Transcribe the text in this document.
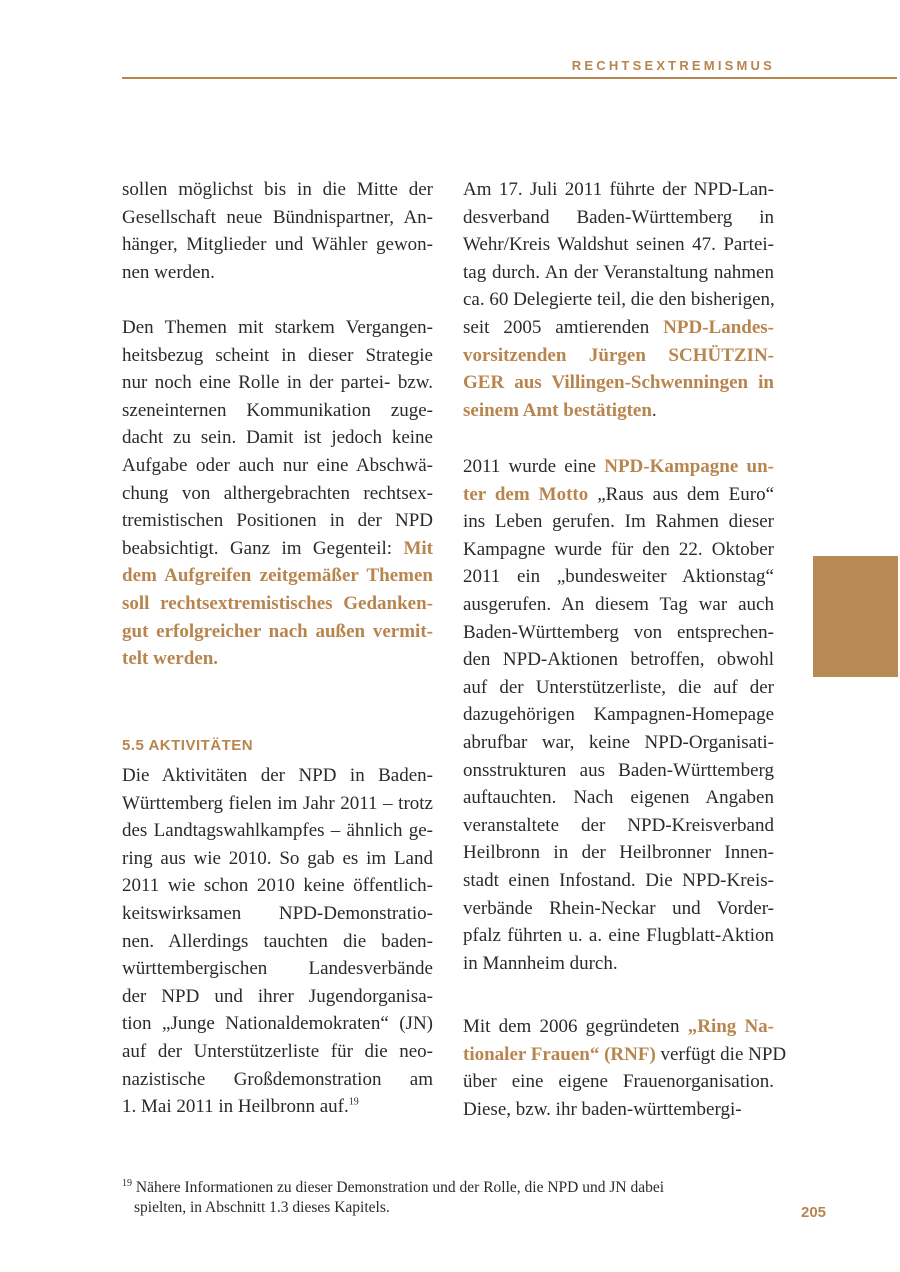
RECHTSEXTREMISMUS
sollen möglichst bis in die Mitte der
Gesellschaft neue Bündnispartner, An-
hänger, Mitglieder und Wähler gewon-
nen werden.
Den Themen mit starkem Vergangen-
heitsbezug scheint in dieser Strategie
nur noch eine Rolle in der partei- bzw.
szeneinternen Kommunikation zuge-
dacht zu sein. Damit ist jedoch keine
Aufgabe oder auch nur eine Abschwä-
chung von althergebrachten rechtsex-
tremistischen Positionen in der NPD
beabsichtigt. Ganz im Gegenteil: Mit
dem Aufgreifen zeitgemäßer Themen
soll rechtsextremistisches Gedanken-
gut erfolgreicher nach außen vermit-
telt werden.
5.5 AKTIVITÄTEN
Die Aktivitäten der NPD in Baden-
Württemberg fielen im Jahr 2011 – trotz
des Landtagswahlkampfes – ähnlich ge-
ring aus wie 2010. So gab es im Land
2011 wie schon 2010 keine öffentlich-
keitswirksamen NPD-Demonstratio-
nen. Allerdings tauchten die baden-
württembergischen Landesverbände
der NPD und ihrer Jugendorganisa-
tion „Junge Nationaldemokraten“ (JN)
auf der Unterstützerliste für die neo-
nazistische Großdemonstration am
1. Mai 2011 in Heilbronn auf.$^{19}$
Am 17. Juli 2011 führte der NPD-Lan-
desverband Baden-Württemberg in
Wehr/Kreis Waldshut seinen 47. Partei-
tag durch. An der Veranstaltung nahmen
ca. 60 Delegierte teil, die den bisherigen,
seit 2005 amtierenden NPD-Landes-
vorsitzenden Jürgen SCHÜTZIN-
GER aus Villingen-Schwenningen in
seinem Amt bestätigten.
2011 wurde eine NPD-Kampagne un-
ter dem Motto „Raus aus dem Euro“
ins Leben gerufen. Im Rahmen dieser
Kampagne wurde für den 22. Oktober
2011 ein „bundesweiter Aktionstag“
ausgerufen. An diesem Tag war auch
Baden-Württemberg von entsprechen-
den NPD-Aktionen betroffen, obwohl
auf der Unterstützerliste, die auf der
dazugehörigen Kampagnen-Homepage
abrufbar war, keine NPD-Organisati-
onsstrukturen aus Baden-Württemberg
auftauchten. Nach eigenen Angaben
veranstaltete der NPD-Kreisverband
Heilbronn in der Heilbronner Innen-
stadt einen Infostand. Die NPD-Kreis-
verbände Rhein-Neckar und Vorder-
pfalz führten u. a. eine Flugblatt-Aktion
in Mannheim durch.
Mit dem 2006 gegründeten „Ring Na-
tionaler Frauen“ (RNF) verfügt die NPD
über eine eigene Frauenorganisation.
Diese, bzw. ihr baden-württembergi-
$^{19}$ Nähere Informationen zu dieser Demonstration und der Rolle, die NPD und JN dabei
spielten, in Abschnitt 1.3 dieses Kapitels.	205
